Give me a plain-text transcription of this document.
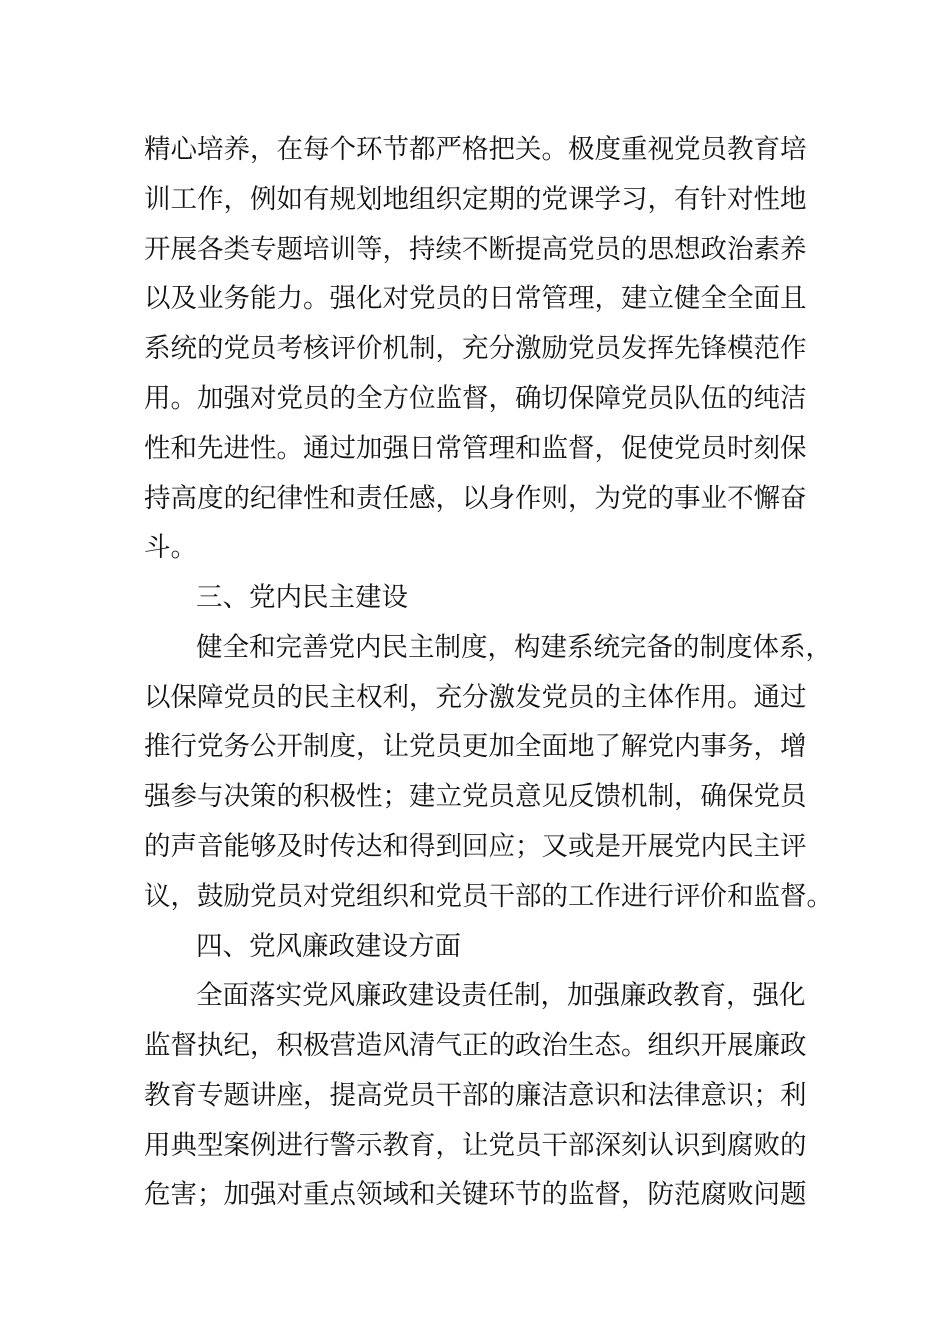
精心培养，在每个环节都严格把关。极度重视党员教育培
训工作，例如有规划地组织定期的党课学习，有针对性地
开展各类专题培训等，持续不断提高党员的思想政治素养
以及业务能力。强化对党员的日常管理，建立健全全面且
系统的党员考核评价机制，充分激励党员发挥先锋模范作
用。加强对党员的全方位监督，确切保障党员队伍的纯洁
性和先进性。通过加强日常管理和监督，促使党员时刻保
持高度的纪律性和责任感，以身作则，为党的事业不懈奋
斗。
三、党内民主建设
健全和完善党内民主制度，构建系统完备的制度体系，
以保障党员的民主权利，充分激发党员的主体作用。通过
推行党务公开制度，让党员更加全面地了解党内事务，增
强参与决策的积极性；建立党员意见反馈机制，确保党员
的声音能够及时传达和得到回应；又或是开展党内民主评
议，鼓励党员对党组织和党员干部的工作进行评价和监督。
四、党风廉政建设方面
全面落实党风廉政建设责任制，加强廉政教育，强化
监督执纪，积极营造风清气正的政治生态。组织开展廉政
教育专题讲座，提高党员干部的廉洁意识和法律意识；利
用典型案例进行警示教育，让党员干部深刻认识到腐败的
危害；加强对重点领域和关键环节的监督，防范腐败问题
